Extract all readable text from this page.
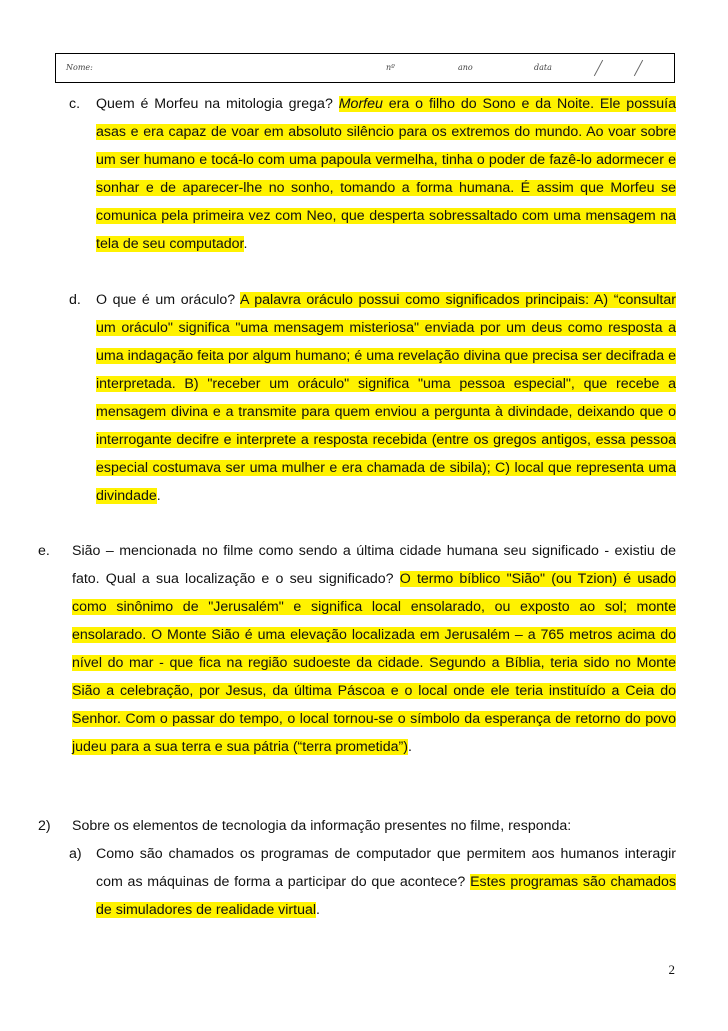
Nome:	nº	ano	data
c. Quem é Morfeu na mitologia grega? Morfeu era o filho do Sono e da Noite. Ele possuía asas e era capaz de voar em absoluto silêncio para os extremos do mundo. Ao voar sobre um ser humano e tocá-lo com uma papoula vermelha, tinha o poder de fazê-lo adormecer e sonhar e de aparecer-lhe no sonho, tomando a forma humana. É assim que Morfeu se comunica pela primeira vez com Neo, que desperta sobressaltado com uma mensagem na tela de seu computador.
d. O que é um oráculo? A palavra oráculo possui como significados principais: A) “consultar um oráculo" significa "uma mensagem misteriosa" enviada por um deus como resposta a uma indagação feita por algum humano; é uma revelação divina que precisa ser decifrada e interpretada. B) "receber um oráculo" significa "uma pessoa especial", que recebe a mensagem divina e a transmite para quem enviou a pergunta à divindade, deixando que o interrogante decifre e interprete a resposta recebida (entre os gregos antigos, essa pessoa especial costumava ser uma mulher e era chamada de sibila); C) local que representa uma divindade.
e. Sião – mencionada no filme como sendo a última cidade humana seu significado - existiu de fato. Qual a sua localização e o seu significado? O termo bíblico "Sião" (ou Tzion) é usado como sinônimo de "Jerusalém" e significa local ensolarado, ou exposto ao sol; monte ensolarado. O Monte Sião é uma elevação localizada em Jerusalém – a 765 metros acima do nível do mar - que fica na região sudoeste da cidade. Segundo a Bíblia, teria sido no Monte Sião a celebração, por Jesus, da última Páscoa e o local onde ele teria instituído a Ceia do Senhor. Com o passar do tempo, o local tornou-se o símbolo da esperança de retorno do povo judeu para a sua terra e sua pátria (“terra prometida”).
2) Sobre os elementos de tecnologia da informação presentes no filme, responda:
a) Como são chamados os programas de computador que permitem aos humanos interagir com as máquinas de forma a participar do que acontece? Estes programas são chamados de simuladores de realidade virtual.
2
